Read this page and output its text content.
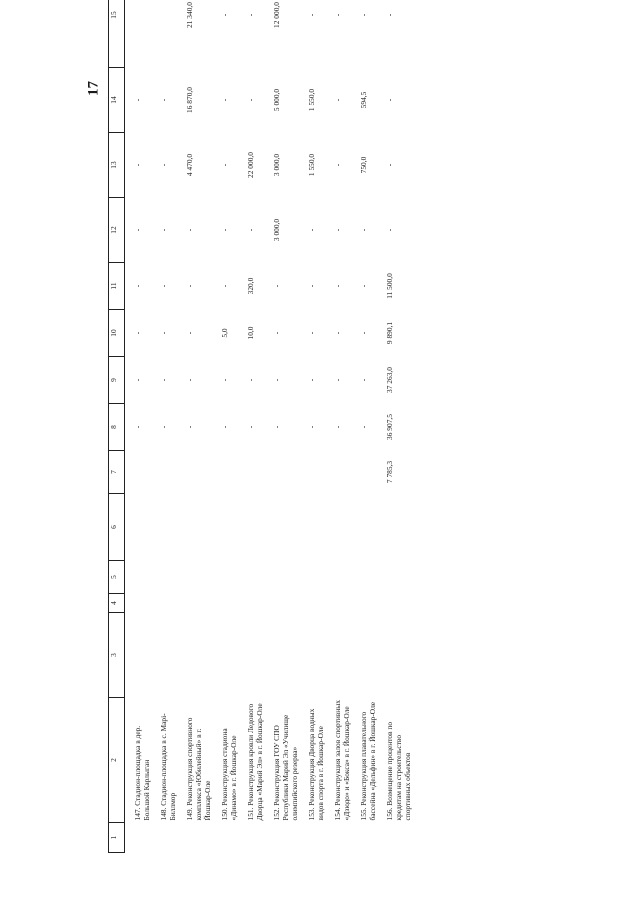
17
1	2	3	4	5	6	7	8	9	10	11	12	13	14	15

	147. Стадион-площадка в дер. Большой Карлыган						-	-	-	-	-	-	-	

	148. Стадион-площадка в с. Марi-Биллмор						-	-	-	-	-	-	-	

	149. Реконструкция спортивного комплекса «Юбилейный» в г. Йошкар-Оле						-	-	-	-	-	4 470,0	16 870,0	21 340,0

	150. Реконструкция стадиона «Динамо» в г. Йошкар-Оле						-	-	5,0	-	-	-	-	-

	151. Реконструкция кровли Ледового Дворца «Марий Эл» в г. Йошкар-Оле						-	-	10,0	320,0	-	22 000,0	-	-

	152. Реконструкция ГОУ СПО Республики Марий Эл «Училище олимпийского резерва»						-	-	-	-	3 000,0	3 000,0	5 000,0	12 000,0

	153. Реконструкция Дворца водных видов спорта в г. Йошкар-Оле						-	-	-	-	-	1 550,0	1 550,0	-

	154. Реконструкция залов спортивных «Дзюдо» и «Бокса» в г. Йошкар-Оле						-	-	-	-	-	-	-	-

	155. Реконструкция плавательного бассейна «Дельфин» в г. Йошкар-Оле						-	-	-	-	-	750,0	594,5	-

	156. Возмещение процентов по кредитам на строительство спортивных объектов					7 785,3	36 907,5	37 263,0	9 890,1	11 500,0	-	-	-	-
